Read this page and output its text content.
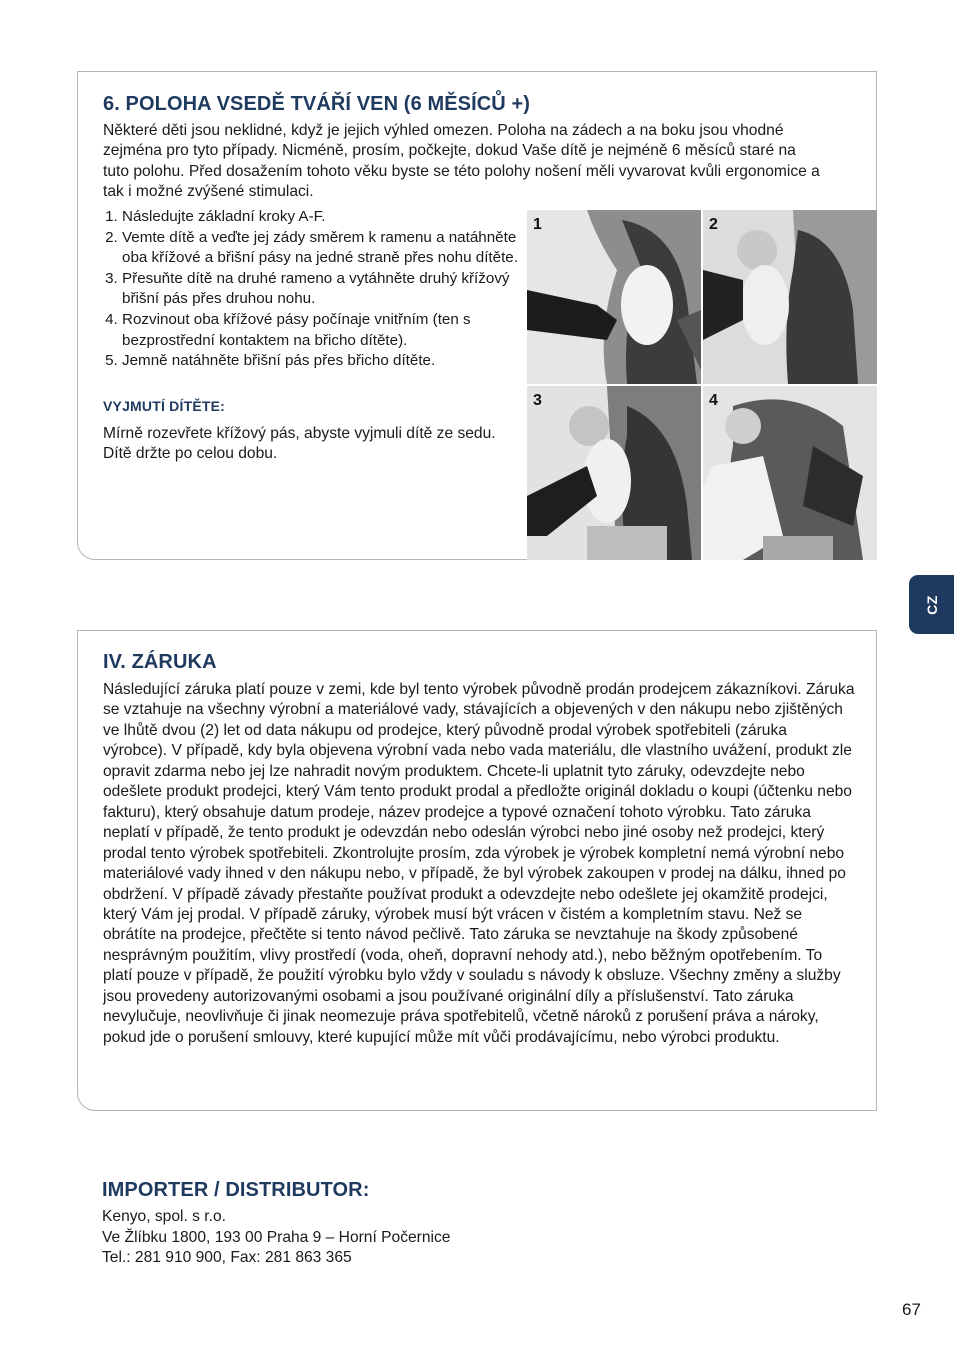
6. POLOHA VSEDĚ TVÁŘÍ VEN (6 MĚSÍCŮ +)

Některé děti jsou neklidné, když je jejich výhled omezen. Poloha na zádech a na boku jsou vhodné zejména pro tyto případy. Nicméně, prosím, počkejte, dokud Vaše dítě je nejméně 6 měsíců staré na tuto polohu. Před dosažením tohoto věku byste se této polohy nošení měli vyvarovat kvůli ergonomice a tak i možné zvýšené stimulaci.

1. Následujte základní kroky A-F.
2. Vemte dítě a veďte jej zády směrem k ramenu a natáhněte oba křížové a břišní pásy na jedné straně přes nohu dítěte.
3. Přesuňte dítě na druhé rameno a vytáhněte druhý křížový břišní pás přes druhou nohu.
4. Rozvinout oba křížové pásy počínaje vnitřním (ten s bezprostřední kontaktem na břicho dítěte).
5. Jemně natáhněte břišní pás přes břicho dítěte.

VYJMUTÍ DÍTĚTE:

Mírně rozevřete křížový pás, abyste vyjmuli dítě ze sedu. Dítě držte po celou dobu.

1	2
3	4
CZ
IV. ZÁRUKA

Následující záruka platí pouze v zemi, kde byl tento výrobek původně prodán prodejcem zákazníkovi. Záruka se vztahuje na všechny výrobní a materiálové vady, stávajících a objevených v den nákupu nebo zjištěných ve lhůtě dvou (2) let od data nákupu od prodejce, který původně prodal výrobek spotřebiteli (záruka výrobce). V případě, kdy byla objevena výrobní vada nebo vada materiálu, dle vlastního uvážení, produkt zle opravit zdarma nebo jej lze nahradit novým produktem. Chcete-li uplatnit tyto záruky, odevzdejte nebo odešlete produkt prodejci, který Vám tento produkt prodal a předložte originál dokladu o koupi (účtenku nebo fakturu), který obsahuje datum prodeje, název prodejce a typové označení tohoto výrobku. Tato záruka neplatí v případě, že tento produkt je odevzdán nebo odeslán výrobci nebo jiné osoby než prodejci, který prodal tento výrobek spotřebiteli. Zkontrolujte prosím, zda výrobek je výrobek kompletní nemá výrobní nebo materiálové vady ihned v den nákupu nebo, v případě, že byl výrobek zakoupen v prodej na dálku, ihned po obdržení. V případě závady přestaňte používat produkt a odevzdejte nebo odešlete jej okamžitě prodejci, který Vám jej prodal. V případě záruky, výrobek musí být vrácen v čistém a kompletním stavu. Než se obrátíte na prodejce, přečtěte si tento návod pečlivě. Tato záruka se nevztahuje na škody způsobené nesprávným použitím, vlivy prostředí (voda, oheň, dopravní nehody atd.), nebo běžným opotřebením. To platí pouze v případě, že použití výrobku bylo vždy v souladu s návody k obsluze. Všechny změny a služby jsou provedeny autorizovanými osobami a jsou používané originální díly a příslušenství. Tato záruka nevylučuje, neovlivňuje či jinak neomezuje práva spotřebitelů, včetně nároků z porušení práva a nároky, pokud jde o porušení smlouvy, které kupující může mít vůči prodávajícímu, nebo výrobci produktu.

IMPORTER / DISTRIBUTOR:
Kenyo, spol. s r.o.
Ve Žlíbku 1800, 193 00 Praha 9 – Horní Počernice
Tel.: 281 910 900, Fax: 281 863 365
67
